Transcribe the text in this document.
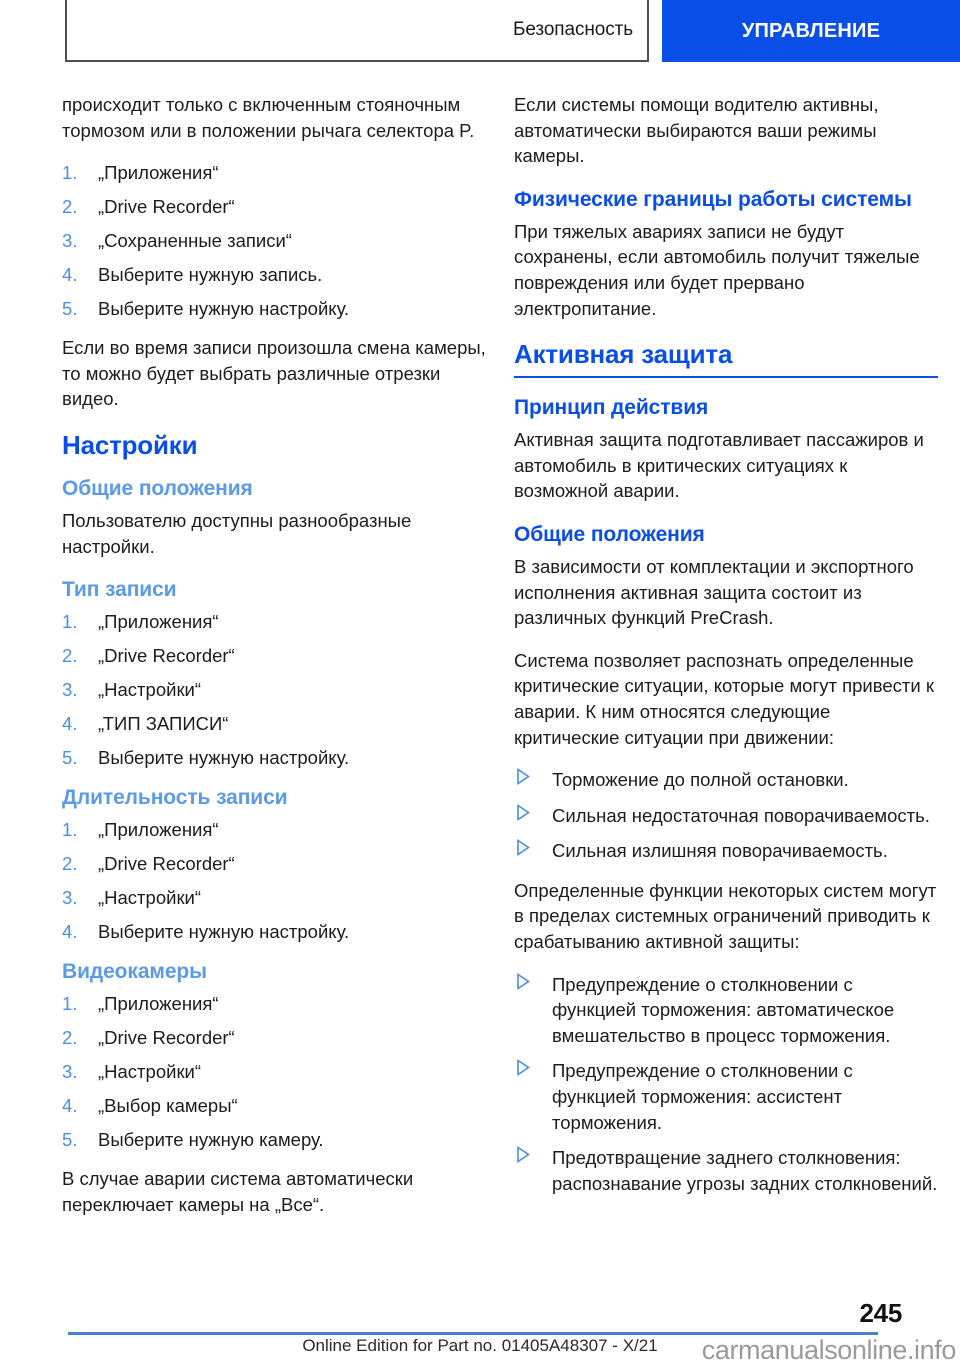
Безопасность	УПРАВЛЕНИЕ

происходит только с включенным стояночным тормозом или в положении рычага селектора P.

1.	„Приложения“
2.	„Drive Recorder“
3.	„Сохраненные записи“
4.	Выберите нужную запись.
5.	Выберите нужную настройку.

Если во время записи произошла смена камеры, то можно будет выбрать различные отрезки видео.

Настройки
Общие положения

Пользователю доступны разнообразные настройки.

Тип записи
1.	„Приложения“
2.	„Drive Recorder“
3.	„Настройки“
4.	„ТИП ЗАПИСИ“
5.	Выберите нужную настройку.
Длительность записи
1.	„Приложения“
2.	„Drive Recorder“
3.	„Настройки“
4.	Выберите нужную настройку.
Видеокамеры
1.	„Приложения“
2.	„Drive Recorder“
3.	„Настройки“
4.	„Выбор камеры“
5.	Выберите нужную камеру.

В случае аварии система автоматически переключает камеры на „Все“.

Если системы помощи водителю активны, автоматически выбираются ваши режимы камеры.

Физические границы работы системы

При тяжелых авариях записи не будут сохранены, если автомобиль получит тяжелые повреждения или будет прервано электропитание.

Активная защита
Принцип действия

Активная защита подготавливает пассажиров и автомобиль в критических ситуациях к возможной аварии.

Общие положения

В зависимости от комплектации и экспортного исполнения активная защита состоит из различных функций PreCrash.

Система позволяет распознать определенные критические ситуации, которые могут привести к аварии. К ним относятся следующие критические ситуации при движении:

Торможение до полной остановки.
Сильная недостаточная поворачиваемость.
Сильная излишняя поворачиваемость.

Определенные функции некоторых систем могут в пределах системных ограничений приводить к срабатыванию активной защиты:

Предупреждение о столкновении с функцией торможения: автоматическое вмешательство в процесс торможения.
Предупреждение о столкновении с функцией торможения: ассистент торможения.
Предотвращение заднего столкновения: распознавание угрозы задних столкновений.
245
Online Edition for Part no. 01405A48307 - X/21	carmanualsonline.info
